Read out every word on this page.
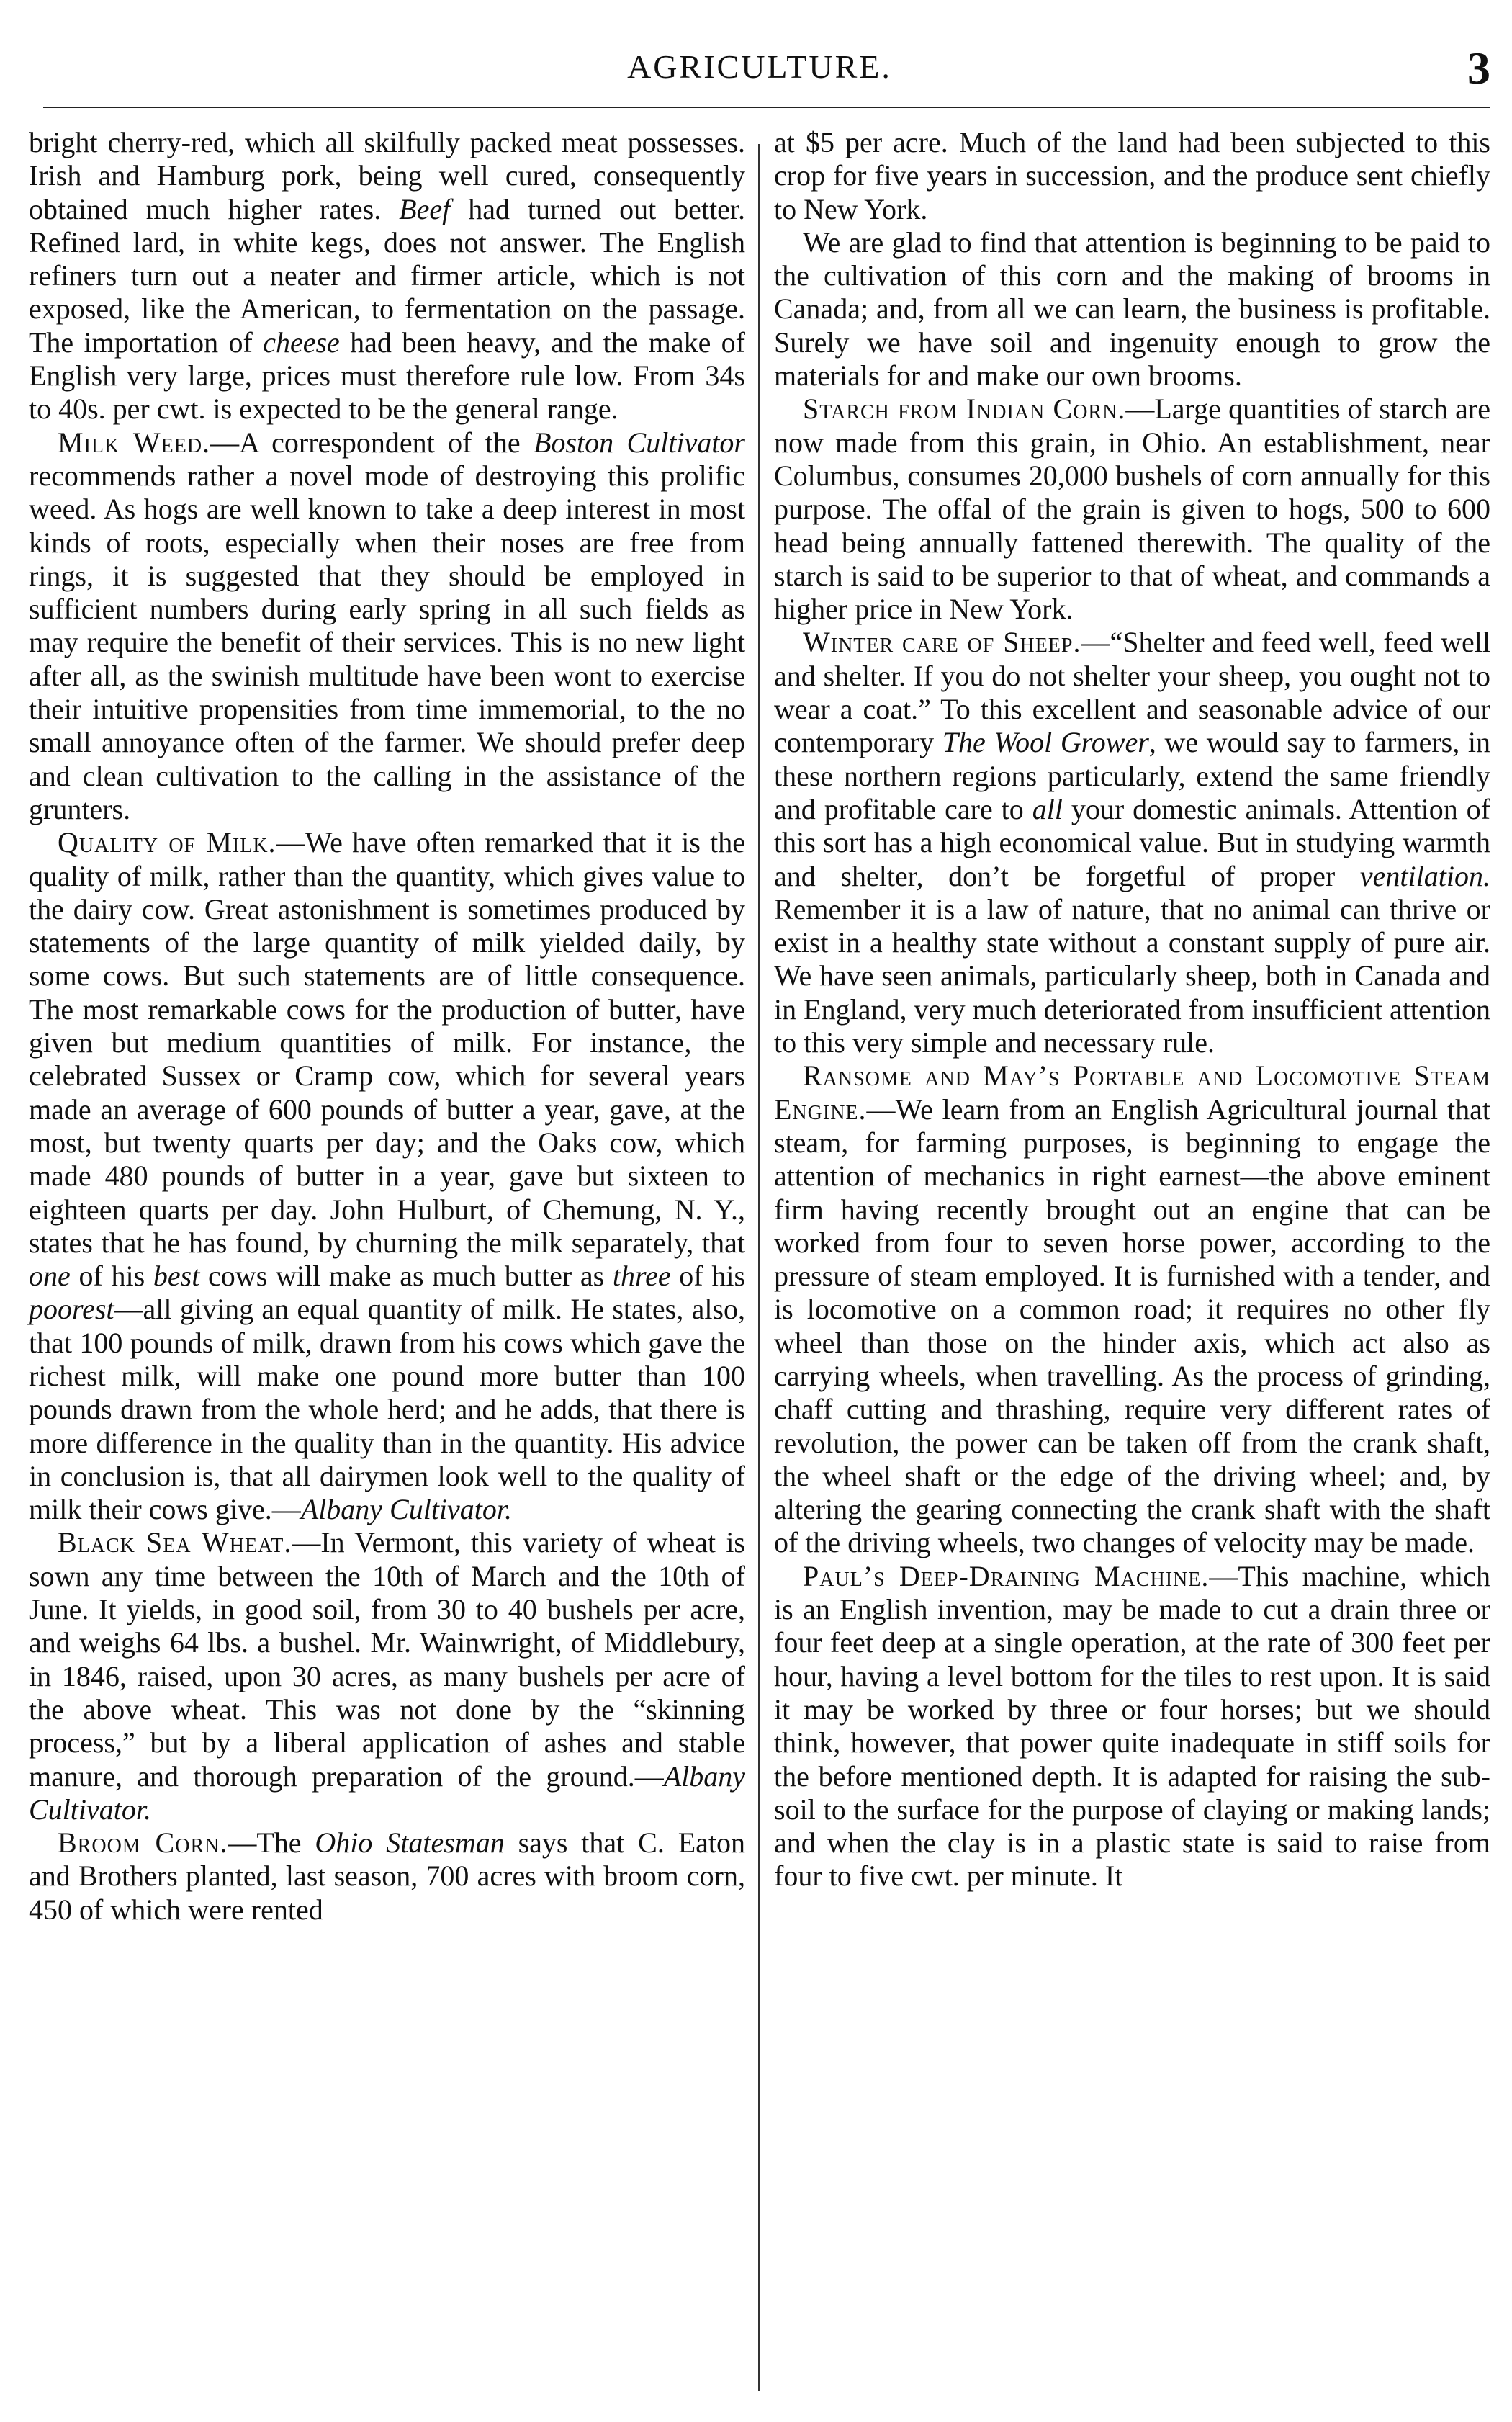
AGRICULTURE.	3

bright cherry-red, which all skilfully packed meat possesses. Irish and Hamburg pork, being well cured, consequently obtained much higher rates. Beef had turned out better. Refined lard, in white kegs, does not answer. The English refiners turn out a neater and firmer article, which is not exposed, like the American, to fermentation on the passage. The importation of cheese had been heavy, and the make of English very large, prices must therefore rule low. From 34s to 40s. per cwt. is expected to be the general range.

Milk Weed.—A correspondent of the Boston Cultivator recommends rather a novel mode of destroying this prolific weed. As hogs are well known to take a deep interest in most kinds of roots, especially when their noses are free from rings, it is suggested that they should be employed in sufficient numbers during early spring in all such fields as may require the benefit of their services. This is no new light after all, as the swinish multitude have been wont to exercise their intuitive propensities from time immemorial, to the no small annoyance often of the farmer. We should prefer deep and clean cultivation to the calling in the assistance of the grunters.

Quality of Milk.—We have often remarked that it is the quality of milk, rather than the quantity, which gives value to the dairy cow. Great astonishment is sometimes produced by statements of the large quantity of milk yielded daily, by some cows. But such statements are of little consequence. The most remarkable cows for the production of butter, have given but medium quantities of milk. For instance, the celebrated Sussex or Cramp cow, which for several years made an average of 600 pounds of butter a year, gave, at the most, but twenty quarts per day; and the Oaks cow, which made 480 pounds of butter in a year, gave but sixteen to eighteen quarts per day. John Hulburt, of Chemung, N. Y., states that he has found, by churning the milk separately, that one of his best cows will make as much butter as three of his poorest—all giving an equal quantity of milk. He states, also, that 100 pounds of milk, drawn from his cows which gave the richest milk, will make one pound more butter than 100 pounds drawn from the whole herd; and he adds, that there is more difference in the quality than in the quantity. His advice in conclusion is, that all dairymen look well to the quality of milk their cows give.—Albany Cultivator.

Black Sea Wheat.—In Vermont, this variety of wheat is sown any time between the 10th of March and the 10th of June. It yields, in good soil, from 30 to 40 bushels per acre, and weighs 64 lbs. a bushel. Mr. Wainwright, of Middlebury, in 1846, raised, upon 30 acres, as many bushels per acre of the above wheat. This was not done by the “skinning process,” but by a liberal application of ashes and stable manure, and thorough preparation of the ground.—Albany Cultivator.

Broom Corn.—The Ohio Statesman says that C. Eaton and Brothers planted, last season, 700 acres with broom corn, 450 of which were rented

at $5 per acre. Much of the land had been subjected to this crop for five years in succession, and the produce sent chiefly to New York.

We are glad to find that attention is beginning to be paid to the cultivation of this corn and the making of brooms in Canada; and, from all we can learn, the business is profitable. Surely we have soil and ingenuity enough to grow the materials for and make our own brooms.

Starch from Indian Corn.—Large quantities of starch are now made from this grain, in Ohio. An establishment, near Columbus, consumes 20,000 bushels of corn annually for this purpose. The offal of the grain is given to hogs, 500 to 600 head being annually fattened therewith. The quality of the starch is said to be superior to that of wheat, and commands a higher price in New York.

Winter care of Sheep.—“Shelter and feed well, feed well and shelter. If you do not shelter your sheep, you ought not to wear a coat.” To this excellent and seasonable advice of our contemporary The Wool Grower, we would say to farmers, in these northern regions particularly, extend the same friendly and profitable care to all your domestic animals. Attention of this sort has a high economical value. But in studying warmth and shelter, don’t be forgetful of proper ventilation. Remember it is a law of nature, that no animal can thrive or exist in a healthy state without a constant supply of pure air. We have seen animals, particularly sheep, both in Canada and in England, very much deteriorated from insufficient attention to this very simple and necessary rule.

Ransome and May’s Portable and Locomotive Steam Engine.—We learn from an English Agricultural journal that steam, for farming purposes, is beginning to engage the attention of mechanics in right earnest—the above eminent firm having recently brought out an engine that can be worked from four to seven horse power, according to the pressure of steam employed. It is furnished with a tender, and is locomotive on a common road; it requires no other fly wheel than those on the hinder axis, which act also as carrying wheels, when travelling. As the process of grinding, chaff cutting and thrashing, require very different rates of revolution, the power can be taken off from the crank shaft, the wheel shaft or the edge of the driving wheel; and, by altering the gearing connecting the crank shaft with the shaft of the driving wheels, two changes of velocity may be made.

Paul’s Deep-Draining Machine.—This machine, which is an English invention, may be made to cut a drain three or four feet deep at a single operation, at the rate of 300 feet per hour, having a level bottom for the tiles to rest upon. It is said it may be worked by three or four horses; but we should think, however, that power quite inadequate in stiff soils for the before mentioned depth. It is adapted for raising the sub-soil to the surface for the purpose of claying or making lands; and when the clay is in a plastic state is said to raise from four to five cwt. per minute. It
